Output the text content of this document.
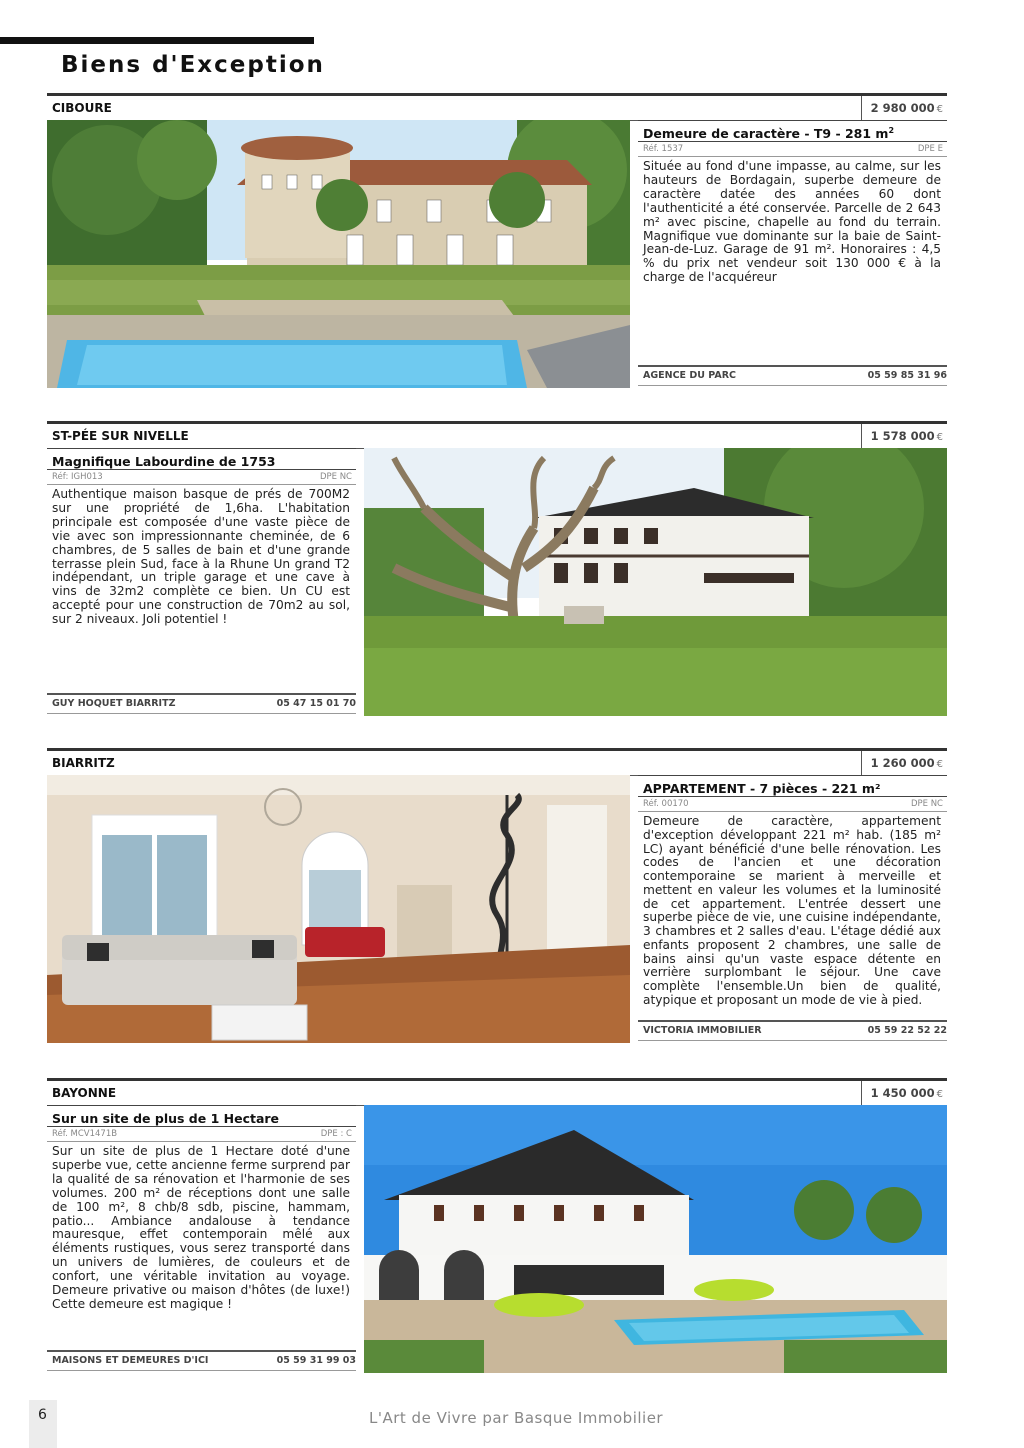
Biens d'Exception
CIBOURE	2 980 000 €
Demeure de caractère - T9 - 281 $m^2$
Réf. 1537	DPE E

Située au fond d'une impasse, au calme, sur les hauteurs de Bordagain, superbe demeure de caractère datée des années 60 dont l'authenticité a été conservée. Parcelle de 2 643 m² avec piscine, chapelle au fond du terrain. Magnifique vue dominante sur la baie de Saint-Jean-de-Luz. Garage de 91 m². Honoraires : 4,5 % du prix net vendeur soit 130 000 € à la charge de l'acquéreur

AGENCE DU PARC	05 59 85 31 96
ST-PÉE SUR NIVELLE	1 578 000 €
Magnifique Labourdine de 1753
Réf: IGH013	DPE NC

Authentique maison basque de prés de 700M2 sur une propriété de 1,6ha. L'habitation principale est composée d'une vaste pièce de vie avec son impressionnante cheminée, de 6 chambres, de 5 salles de bain et d'une grande terrasse plein Sud, face à la Rhune Un grand T2 indépendant, un triple garage et une cave à vins de 32m2 complète ce bien. Un CU est accepté pour une construction de 70m2 au sol, sur 2 niveaux. Joli potentiel !

GUY HOQUET BIARRITZ	05 47 15 01 70
BIARRITZ	1 260 000 €
APPARTEMENT - 7 pièces - 221 m²
Réf. 00170	DPE NC

Demeure de caractère, appartement d'exception développant 221 m² hab. (185 m² LC) ayant bénéficié d'une belle rénovation. Les codes de l'ancien et une décoration contemporaine se marient à merveille et mettent en valeur les volumes et la luminosité de cet appartement. L'entrée dessert une superbe pièce de vie, une cuisine indépendante, 3 chambres et 2 salles d'eau. L'étage dédié aux enfants proposent 2 chambres, une salle de bains ainsi qu'un vaste espace détente en verrière surplombant le séjour. Une cave complète l'ensemble.Un bien de qualité, atypique et proposant un mode de vie à pied.

VICTORIA IMMOBILIER	05 59 22 52 22
BAYONNE	1 450 000 €
Sur un site de plus de 1 Hectare
Réf. MCV1471B	DPE : C

Sur un site de plus de 1 Hectare doté d'une superbe vue, cette ancienne ferme surprend par la qualité de sa rénovation et l'harmonie de ses volumes. 200 m² de réceptions dont une salle de 100 m², 8 chb/8 sdb, piscine, hammam, patio... Ambiance andalouse à tendance mauresque, effet contemporain mêlé aux éléments rustiques, vous serez transporté dans un univers de lumières, de couleurs et de confort, une véritable invitation au voyage. Demeure privative ou maison d'hôtes (de luxe!) Cette demeure est magique !

MAISONS ET DEMEURES D'ICI	05 59 31 99 03
6	L'Art de Vivre par Basque Immobilier
